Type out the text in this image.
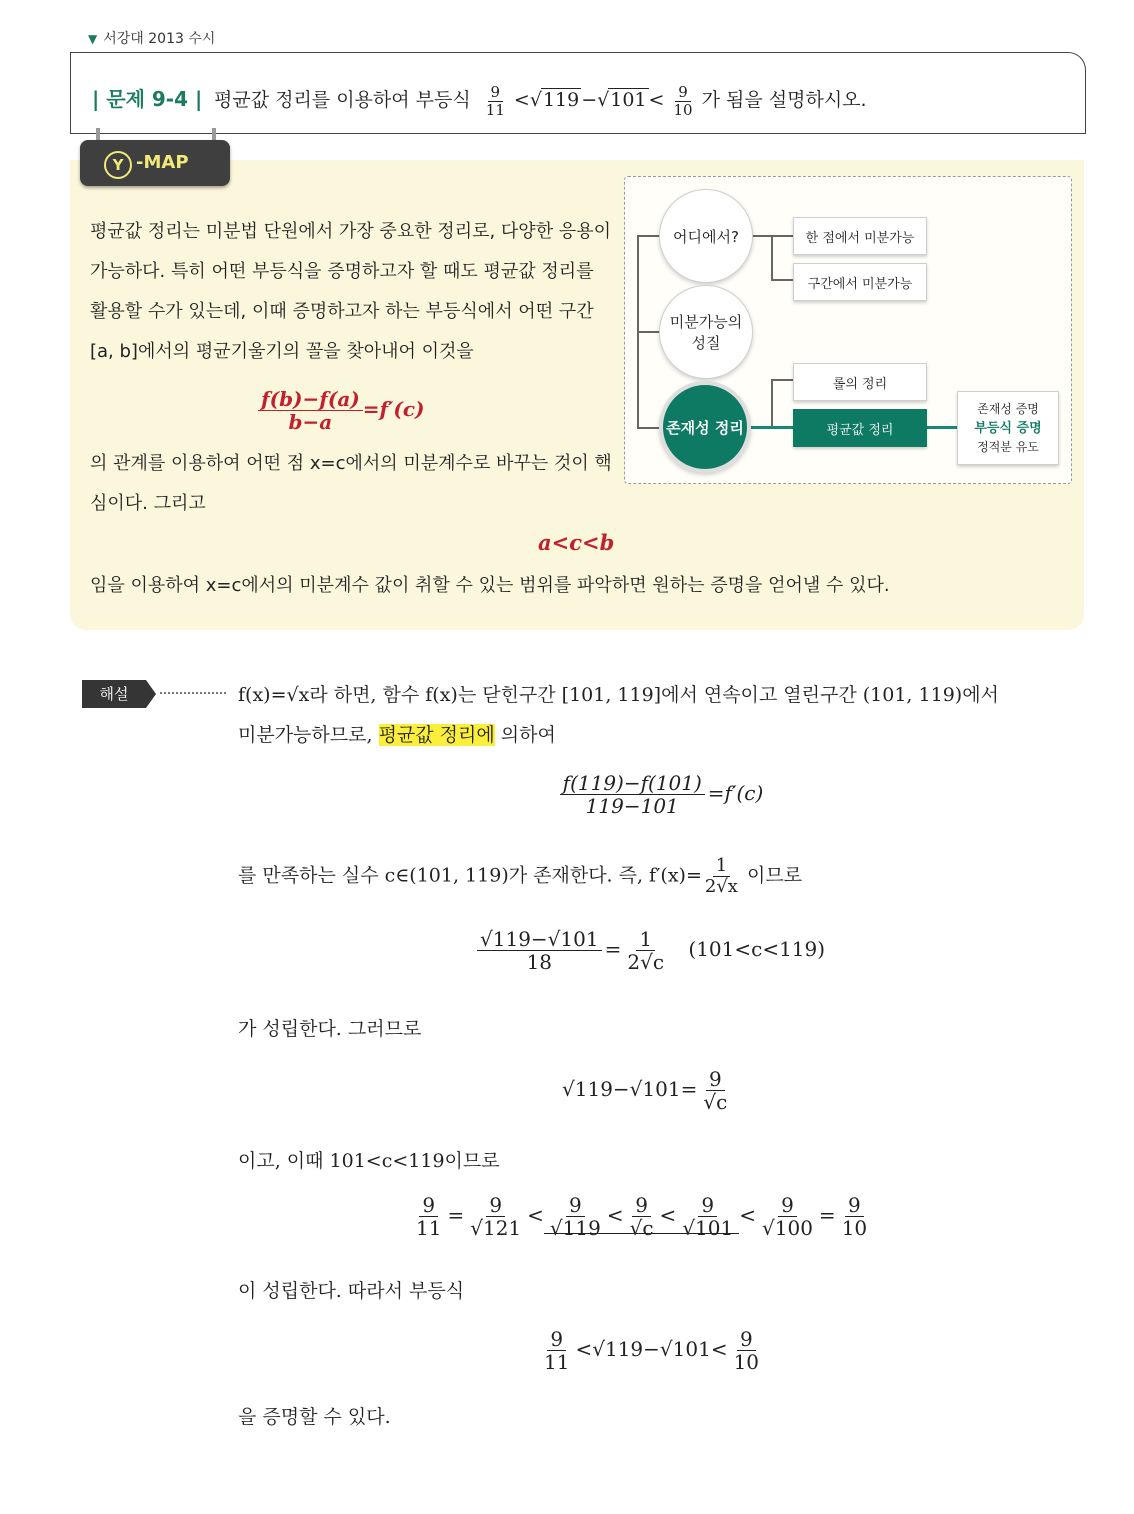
▼ 서강대 2013 수시
| 문제 9-4 | 평균값 정리를 이용하여 부등식 $\frac{9}{11} <√119 -√101 < \frac{9}{10}$ 가 됨을 설명하시오.
Y -MAP
평균값 정리는 미분법 단원에서 가장 중요한 정리로, 다양한 응용이 가능하다. 특히 어떤 부등식을 증명하고자 할 때도 평균값 정리를 활용할 수가 있는데, 이때 증명하고자 하는 부등식에서 어떤 구간 [a, b]에서의 평균기울기의 꼴을 찾아내어 이것을
$\frac{f(b)-f(a)}{b-a} =f'(c)$
의 관계를 이용하여 어떤 점 x=c에서의 미분계수로 바꾸는 것이 핵심이다. 그리고
a<c<b
임을 이용하여 x=c에서의 미분계수 값이 취할 수 있는 범위를 파악하면 원하는 증명을 얻어낼 수 있다.
어디에서?
미분가능의
성질
존재성 정리
한 점에서 미분가능
구간에서 미분가능
롤의 정리
평균값 정리
존재성 증명
부등식 증명
정적분 유도
해설	f(x)=√x라 하면, 함수 f(x)는 닫힌구간 [101, 119]에서 연속이고 열린구간 (101, 119)에서
미분가능하므로, 평균값 정리에 의하여
$\frac{f(119)-f(101)}{119-101} =f'(c)$
를 만족하는 실수 c∈(101, 119)가 존재한다. 즉, $f'(x)= \frac{1}{2√x}$ 이므로
$\frac{√119-√101}{18} = \frac{1}{2√c} (101<c<119)$
가 성립한다. 그러므로
$√119-√101= \frac{9}{√c}$
이고, 이때 101<c<119이므로
$\frac{9}{11} = \frac{9}{√121} < \frac{9}{√119} < \frac{9}{√c} < \frac{9}{√101} < \frac{9}{√100} = \frac{9}{10}$
이 성립한다. 따라서 부등식
$\frac{9}{11} <√119-√101< \frac{9}{10}$
을 증명할 수 있다.
